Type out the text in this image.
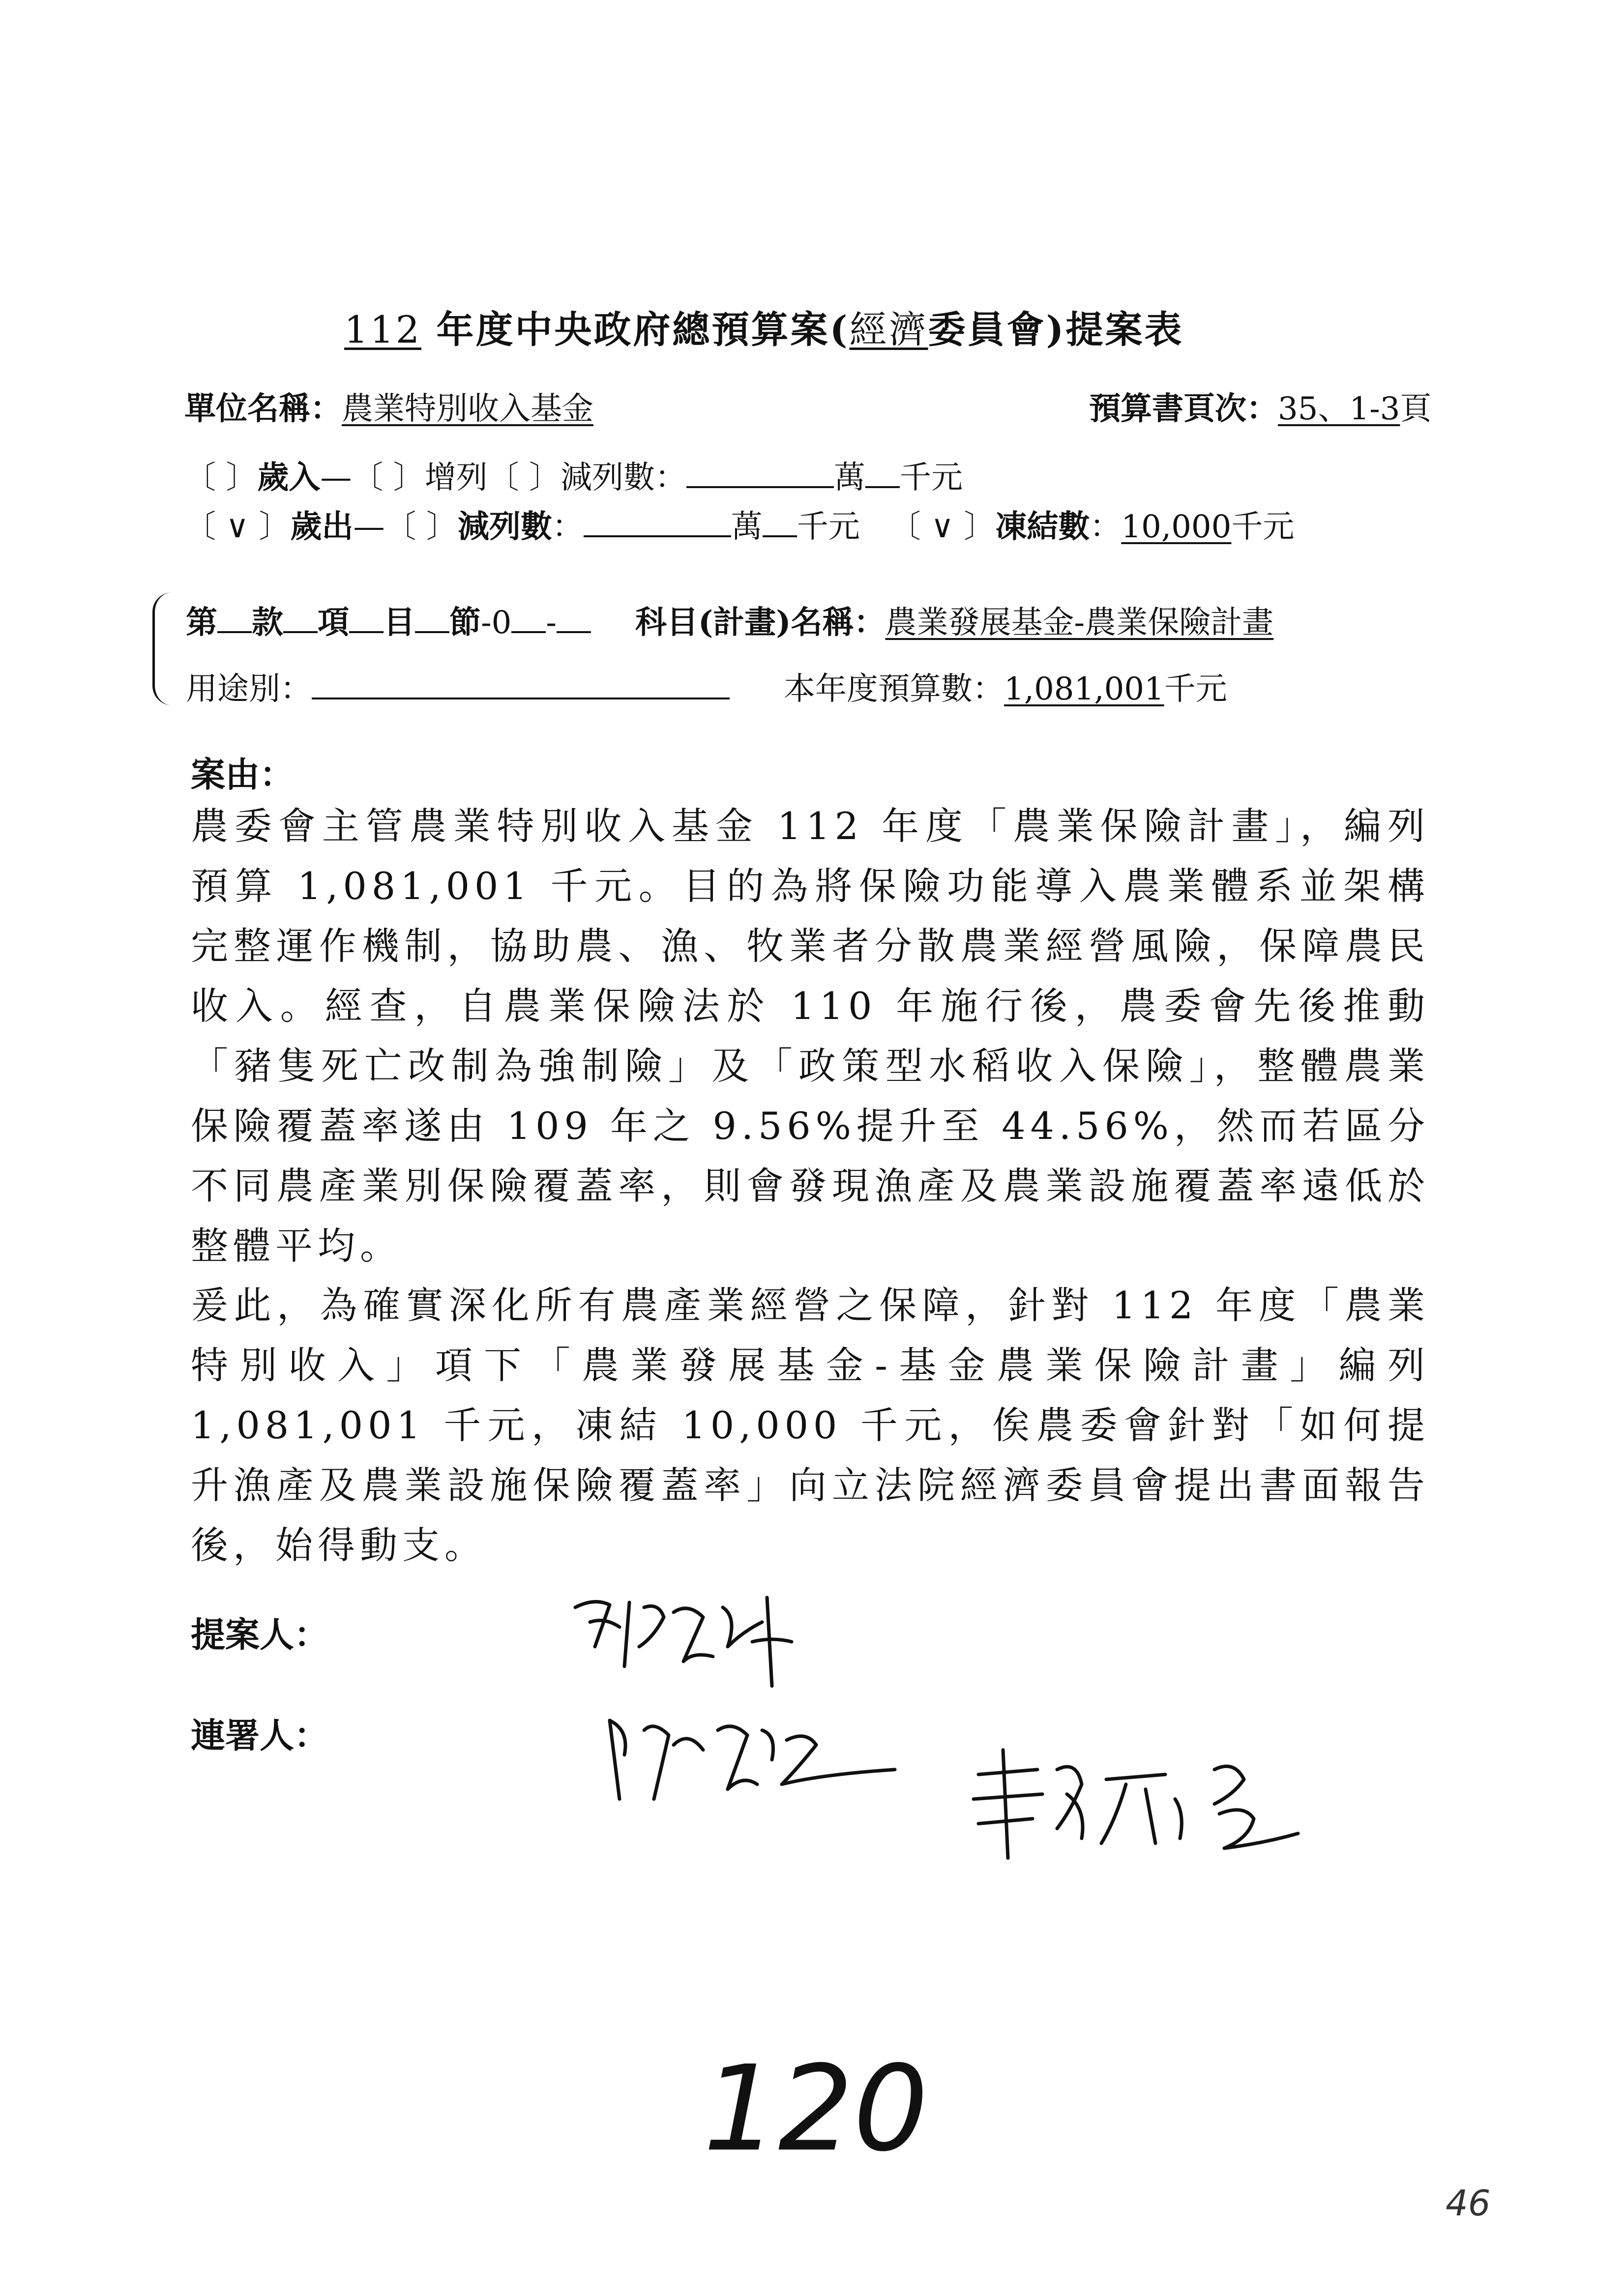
112 年度中央政府總預算案(經濟委員會)提案表
單位名稱：農業特別收入基金	預算書頁次：35、1-3頁
〔 〕歲入—〔 〕增列〔 〕減列數：	萬 千元
〔 ∨ 〕歲出—〔 〕減列數：	萬 千元 〔 ∨ 〕凍結數：10,000千元
第 款 項 目 節-0 -	科目(計畫)名稱：農業發展基金-農業保險計畫
用途別：	本年度預算數：1,081,001千元
案由：
農委會主管農業特別收入基金 112 年度「農業保險計畫」，編列預算 1,081,001 千元。目的為將保險功能導入農業體系並架構完整運作機制，協助農、漁、牧業者分散農業經營風險，保障農民收入。經查，自農業保險法於 110 年施行後，農委會先後推動「豬隻死亡改制為強制險」及「政策型水稻收入保險」，整體農業保險覆蓋率遂由 109 年之 9.56%提升至 44.56%，然而若區分不同農產業別保險覆蓋率，則會發現漁產及農業設施覆蓋率遠低於整體平均。
爰此，為確實深化所有農產業經營之保障，針對 112 年度「農業特別收入」項下「農業發展基金-基金農業保險計畫」編列 1,081,001 千元，凍結 10,000 千元，俟農委會針對「如何提升漁產及農業設施保險覆蓋率」向立法院經濟委員會提出書面報告後，始得動支。
提案人：
連署人：
120
46
